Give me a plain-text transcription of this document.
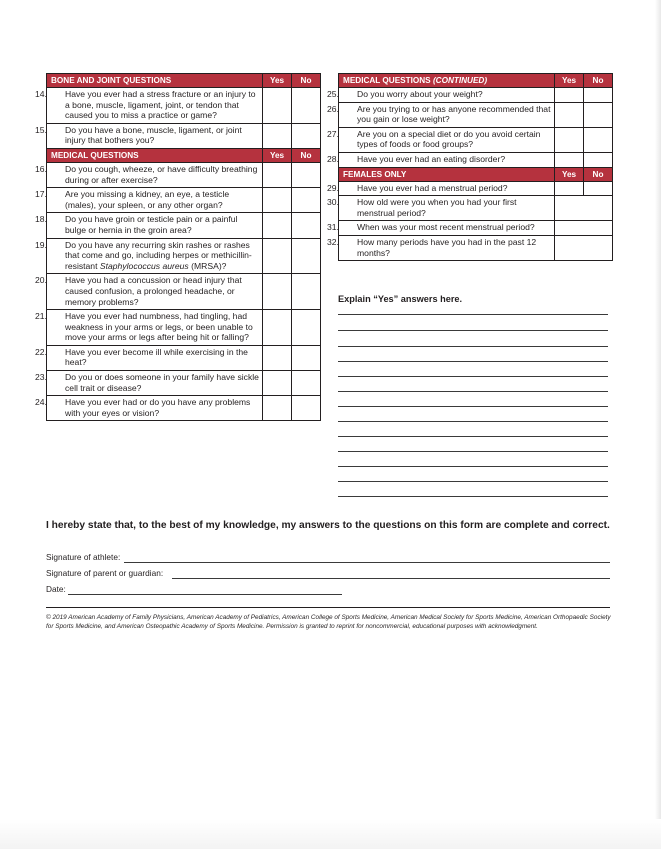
BONE AND JOINT QUESTIONS	Yes	No

14. Have you ever had a stress fracture or an injury to a bone, muscle, ligament, joint, or tendon that caused you to miss a practice or game?		

15. Do you have a bone, muscle, ligament, or joint injury that bothers you?		

MEDICAL QUESTIONS	Yes	No

16. Do you cough, wheeze, or have difficulty breathing during or after exercise?		

17. Are you missing a kidney, an eye, a testicle (males), your spleen, or any other organ?		

18. Do you have groin or testicle pain or a painful bulge or hernia in the groin area?		

19. Do you have any recurring skin rashes or rashes that come and go, including herpes or methicillin-resistant Staphylococcus aureus (MRSA)?		

20. Have you had a concussion or head injury that caused confusion, a prolonged headache, or memory problems?		

21. Have you ever had numbness, had tingling, had weakness in your arms or legs, or been unable to move your arms or legs after being hit or falling?		

22. Have you ever become ill while exercising in the heat?		

23. Do you or does someone in your family have sickle cell trait or disease?		

24. Have you ever had or do you have any problems with your eyes or vision?		

MEDICAL QUESTIONS (CONTINUED)	Yes	No

25. Do you worry about your weight?		

26. Are you trying to or has anyone recommended that you gain or lose weight?		

27. Are you on a special diet or do you avoid certain types of foods or food groups?		

28. Have you ever had an eating disorder?		

FEMALES ONLY	Yes	No

29. Have you ever had a menstrual period?		

30. How old were you when you had your first menstrual period?		

31. When was your most recent menstrual period?		

32. How many periods have you had in the past 12 months?		

Explain “Yes” answers here.
I hereby state that, to the best of my knowledge, my answers to the questions on this form are complete and correct.
Signature of athlete:
Signature of parent or guardian:
Date:
© 2019 American Academy of Family Physicians, American Academy of Pediatrics, American College of Sports Medicine, American Medical Society for Sports Medicine, American Orthopaedic Society for Sports Medicine, and American Osteopathic Academy of Sports Medicine. Permission is granted to reprint for noncommercial, educational purposes with acknowledgment.
